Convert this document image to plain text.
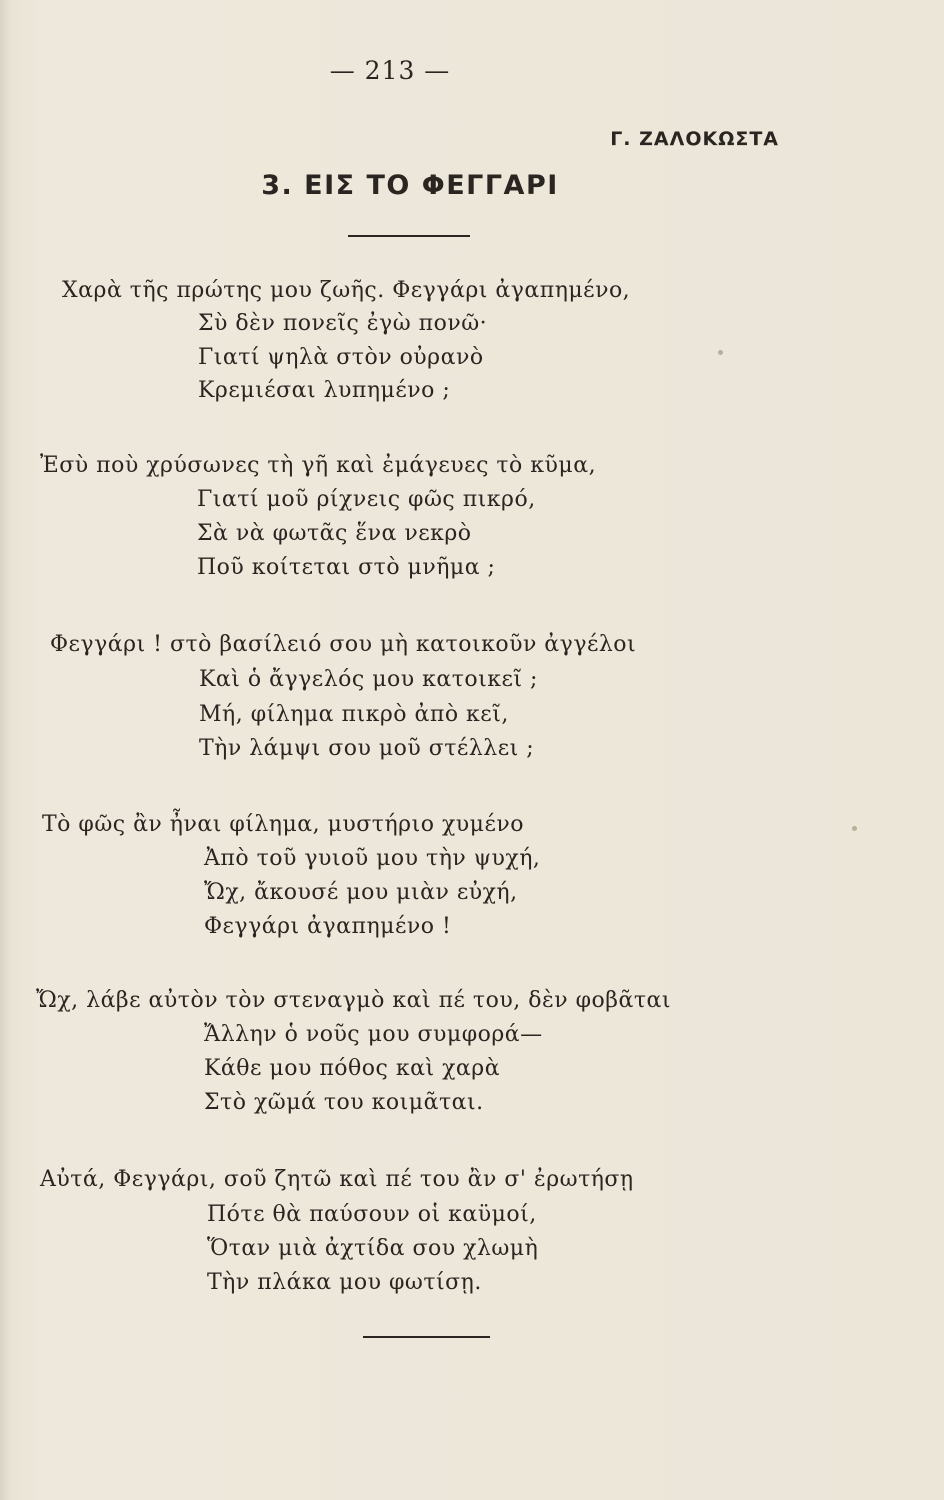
— 213 —
Γ. ΖΑΛΟΚΩΣΤΑ
3. ΕΙΣ ΤΟ ΦΕΓΓΑΡΙ
Χαρὰ τῆς πρώτης μου ζωῆς. Φεγγάρι ἀγαπημένο,
Σὺ δὲν πονεῖς ἐγὼ πονῶ·
Γιατί ψηλὰ στὸν οὐρανὸ
Κρεμιέσαι λυπημένο ;
Ἐσὺ ποὺ χρύσωνες τὴ γῆ καὶ ἐμάγευες τὸ κῦμα,
Γιατί μοῦ ρίχνεις φῶς πικρό,
Σὰ νὰ φωτᾶς ἕνα νεκρὸ
Ποῦ κοίτεται στὸ μνῆμα ;
Φεγγάρι ! στὸ βασίλειό σου μὴ κατοικοῦν ἀγγέλοι
Καὶ ὁ ἄγγελός μου κατοικεῖ ;
Μή, φίλημα πικρὸ ἀπὸ κεῖ,
Τὴν λάμψι σου μοῦ στέλλει ;
Τὸ φῶς ἂν ἦναι φίλημα, μυστήριο χυμένο
Ἀπὸ τοῦ γυιοῦ μου τὴν ψυχή,
Ὤχ, ἄκουσέ μου μιὰν εὐχή,
Φεγγάρι ἀγαπημένο !
Ὤχ, λάβε αὐτὸν τὸν στεναγμὸ καὶ πέ του, δὲν φοβᾶται
Ἄλλην ὁ νοῦς μου συμφορά—
Κάθε μου πόθος καὶ χαρὰ
Στὸ χῶμά του κοιμᾶται.
Αὐτά, Φεγγάρι, σοῦ ζητῶ καὶ πέ του ἂν σ' ἐρωτήσῃ
Πότε θὰ παύσουν οἱ καϋμοί,
Ὅταν μιὰ ἀχτίδα σου χλωμὴ
Τὴν πλάκα μου φωτίσῃ.
